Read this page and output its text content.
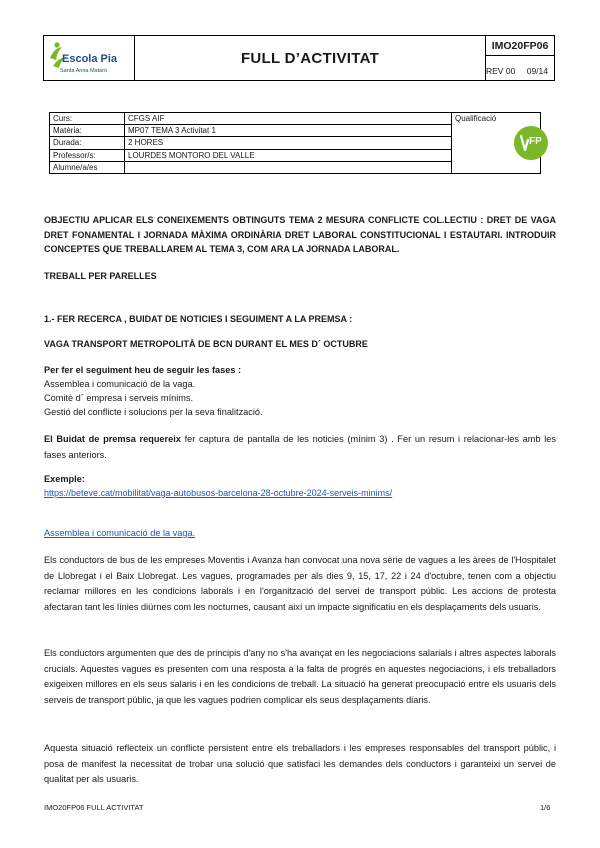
Escola Pia
Santa Anna Mataró
FULL D’ACTIVITAT
IMO20FP06
REV 00 09/14
Curs:	CFGS AIF	Qualificació

Matèria:	MP07 TEMA 3 Activitat 1	
Durada:	2 HORES	
Professor/s:	LOURDES MONTORO DEL VALLE	
Alumne/a/es		
FP
OBJECTIU APLICAR ELS CONEIXEMENTS OBTINGUTS TEMA 2 MESURA CONFLICTE COL.LECTIU : DRET DE VAGA DRET FONAMENTAL I JORNADA MÀXIMA ORDINÀRIA DRET LABORAL CONSTITUCIONAL I ESTAUTARI. INTRODUIR CONCEPTES QUE TREBALLAREM AL TEMA 3, COM ARA LA JORNADA LABORAL.
TREBALL PER PARELLES
1.- FER RECERCA , BUIDAT DE NOTICIES I SEGUIMENT A LA PREMSA :
VAGA TRANSPORT METROPOLITÀ DE BCN DURANT EL MES D´ OCTUBRE
Per fer el seguiment heu de seguir les fases :
Assemblea i comunicació de la vaga.
Comitè d´ empresa i serveis mínims.
Gestió del conflicte i solucions per la seva finalització.
El Buidat de premsa requereix fer captura de pantalla de les noticies (mínim 3) . Fer un resum i relacionar-les amb les fases anteriors.
Exemple:
https://beteve.cat/mobilitat/vaga-autobusos-barcelona-28-octubre-2024-serveis-minims/
Assemblea i comunicació de la vaga.
Els conductors de bus de les empreses Moventis i Avanza han convocat una nova sèrie de vagues a les àrees de l'Hospitalet de Llobregat i el Baix Llobregat. Les vagues, programades per als dies 9, 15, 17, 22 i 24 d'octubre, tenen com a objectiu reclamar millores en les condicions laborals i en l'organització del servei de transport públic. Les accions de protesta afectaran tant les línies diürnes com les nocturnes, causant així un impacte significatiu en els desplaçaments dels usuaris.
Els conductors argumenten que des de principis d'any no s'ha avançat en les negociacions salarials i altres aspectes laborals crucials. Aquestes vagues es presenten com una resposta a la falta de progrés en aquestes negociacions, i els treballadors exigeixen millores en els seus salaris i en les condicions de treball. La situació ha generat preocupació entre els usuaris dels serveis de transport públic, ja que les vagues podrien complicar els seus desplaçaments diaris.
Aquesta situació reflecteix un conflicte persistent entre els treballadors i les empreses responsables del transport públic, i posa de manifest la necessitat de trobar una solució que satisfaci les demandes dels conductors i garanteixi un servei de qualitat per als usuaris.
IMO20FP06 FULL ACTIVITAT	1/6
